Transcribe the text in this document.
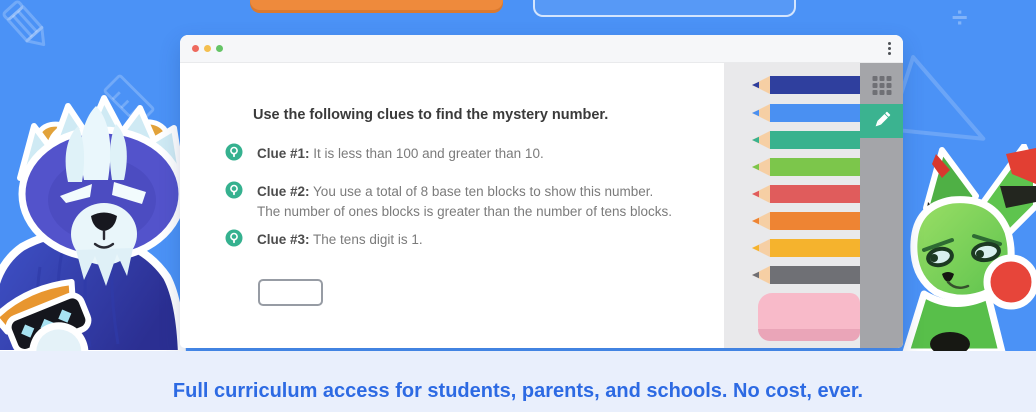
÷
Use the following clues to find the mystery number.
Clue #1: It is less than 100 and greater than 10.
Clue #2: You use a total of 8 base ten blocks to show this number.
The number of ones blocks is greater than the number of tens blocks.
Clue #3: The tens digit is 1.
Full curriculum access for students, parents, and schools. No cost, ever.
